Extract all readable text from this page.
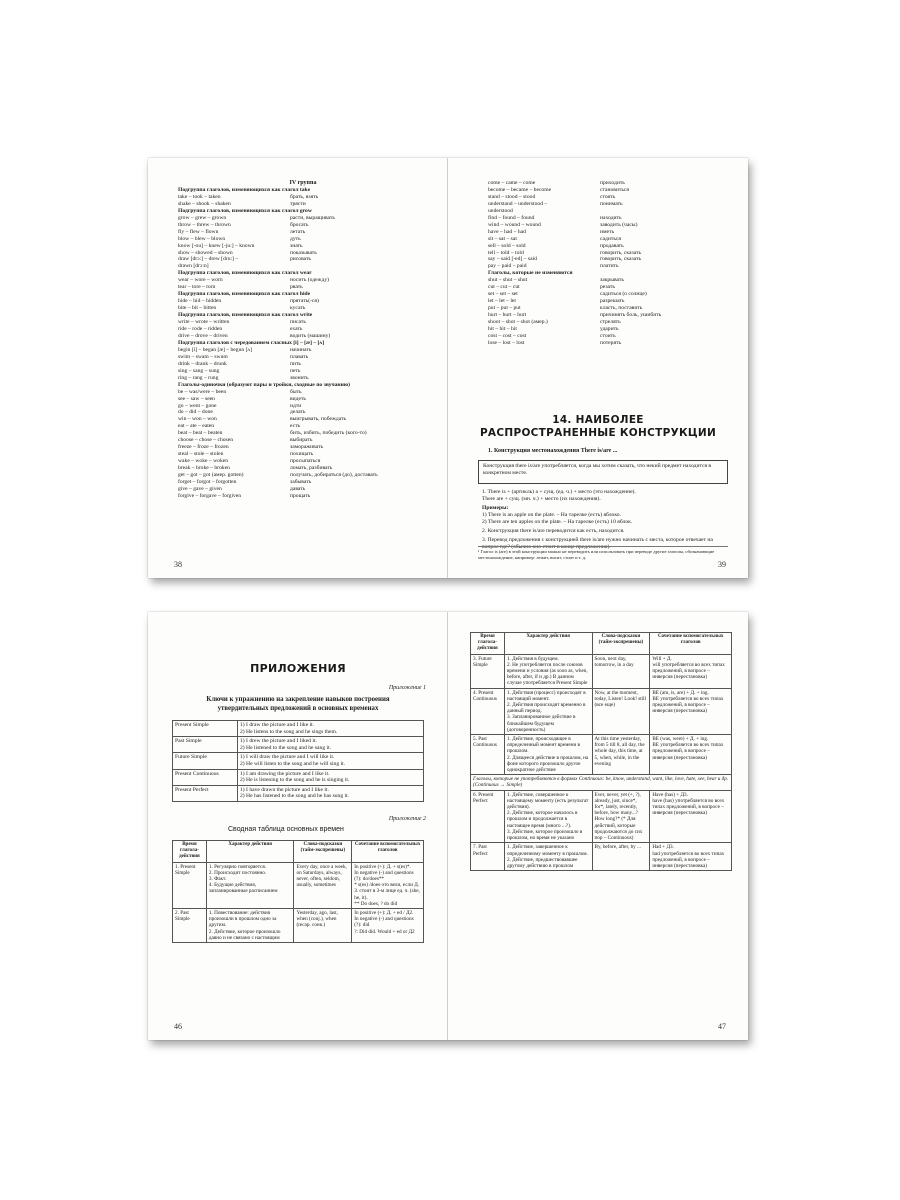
IV группа
Подгруппа глаголов, изменяющихся как глагол take
take – took – taken	брать, взять
shake – shook – shaken	трясти
Подгруппа глаголов, изменяющихся как глагол grow
grow – grew – grown	расти, выращивать
throw – threw – thrown	бросать
fly – flew – flown	летать
blow – blew – blown	дуть
know [-ou] – knew [-ju:] – known	знать
show – showed – shown	показывать
draw [drɔ:] – drew [dru:] –	рисовать
drawn [drɔ:n]
Подгруппа глаголов, изменяющихся как глагол wear
wear – wore – worn	носить (одежду)
tear – tore – torn	рвать
Подгруппа глаголов, изменяющихся как глагол hide
hide – hid – hidden	прятать(-ся)
bite – bit – bitten	кусать
Подгруппа глаголов, изменяющихся как глагол write
write – wrote – written	писать
ride – rode – ridden	ехать
drive – drove – driven	водить (машину)
Подгруппа глаголов с чередованием гласных [i] – [æ] – [ʌ]
begin [i] – began [æ] – begun [ʌ]	начинать
swim – swam – swum	плавать
drink – drank – drunk	пить
sing – sang – sung	петь
ring – rang – rung	звонить
Глаголы-одиночки (образуют пары и тройки, сходные по звучанию)
be – was/were – been	быть
see – saw – seen	видеть
go – went – gone	идти
do – did – done	делать
win – won – won	выигрывать, побеждать
eat – ate – eaten	есть
beat – beat – beaten	бить, избить, победить (кого-то)
choose – chose – chosen	выбирать
freeze – froze – frozen	замораживать
steal – stole – stolen	похищать
wake – woke – woken	просыпаться
break – broke – broken	ломать, разбивать
get – got – got (амер. gotten)	получать, добираться (до), доставать
forget – forgot – forgotten	забывать
give – gave – given	давать
forgive – forgave – forgiven	прощать
38
come – came – come	приходить
become – became – become	становиться
stand – stood – stood	стоять
understand – understood –	понимать
understood
find – found – found	находить
wind – wound – wound	заводить (часы)
have – had – had	иметь
sit – sat – sat	садиться
sell – sold – sold	продавать
tell – told – told	говорить, сказать
say – said [-ed] – said	говорить, сказать
pay – paid – paid	платить
Глаголы, которые не изменяются
shut – shut – shut	закрывать
cut – cut – cut	резать
set – set – set	садиться (о солнце)
let – let – let	разрешать
put – put – put	класть, поставить
hurt – hurt – hurt	причинять боль, ушибить
shoot – shot – shot (амер.)	стрелять
hit – hit – hit	ударить
cost – cost – cost	стоить
lose – lost – lost	потерять
14. НАИБОЛЕЕ
РАСПРОСТРАНЕННЫЕ КОНСТРУКЦИИ
1. Конструкция местонахождения There is/are ...
Конструкция there is/are употребляется, когда мы хотим сказать, что некий предмет находится в конкретном месте.
1. There is + (артикль) a + сущ. (ед. ч.) + место (это нахождение).
There are + сущ. (мн. ч.) + место (их нахождения).
Примеры:
1) There is an apple on the plate. – На тарелке (есть) яблоко.
2) There are ten apples on the plate. – На тарелке (есть) 10 яблок.
2. Конструкция there is/are переводится как есть, находится.
3. Перевод предложения с конструкцией there is/are нужно начинать с места, которое отвечает на вопрос где? (обычно оно стоит в конце предложения).
¹ Глагол is (are) в этой конструкции можно не переводить или использовать при переводе другие глаголы, обозначающие местонахождение, например: лежит, висит, стоит и т. д.
39
ПРИЛОЖЕНИЯ
Приложение 1
Ключи к упражнению на закрепление навыков построения утвердительных предложений в основных временах
Present Simple	1) I draw the picture and I like it.
2) He listens to the song and he sings them.

Past Simple	1) I drew the picture and I liked it.
2) He listened to the song and he sang it.

Future Simple	1) I will draw the picture and I will like it.
2) He will listen to the song and he will sing it.

Present Continuous	1) I am drawing the picture and I like it.
2) He is listening to the song and he is singing it.

Present Perfect	1) I have drawn the picture and I like it.
2) He has listened to the song and he has sung it.
Приложение 2
Сводная таблица основных времен
Время глагола-действия	Характер действия	Слова-подсказки (тайм-экспрешены)	Сочетание вспомогательных глаголов
1. Present Simple	1. Регулярно повторяется.
2. Происходит постоянно.
3. Факт.
4. Будущие действия, запланированные расписанием	Every day, once a week, on Saturdays, always, never, often, seldom, usually, sometimes	In positive (+): Д. + s(es)*.
In negative (-) and questions (?): do/does**
* s(es) /does-это вели, если Д. З. стоит в 3-м лице ед. ч. (she, he, it).
** Do does, ? do did
2. Past Simple	1. Повествование: действия произошли в прошлом одно за другим.
2. Действие, которое произошло давно и не связано с настоящим	Yesterday, ago, last, when (conj.), when (recap. сонк.)	In positive (+): Д. + ed / Д2.
In negative (-) and questions (?): did
?: Did did. Would + ed or Д2
46
Время глагола-действия	Характер действия	Слова-подсказки (тайм-экспрешены)	Сочетание вспомогательных глаголов
3. Future Simple	1. Действия в будущем.
2. Не употребляется после союзов времени и условия (as soon as, when, before, after, if и др.) В данном случае употребляется Present Simple	Soon, next day, tomorrow, in a day	Will + Д.
will употребляется во всех типах предложений, в вопросе – инверсия (перестановка)
4. Present Continuous	1. Действия (процесс) происходят в настоящий момент.
2. Действия происходят временно в данный период.
3. Запланированное действие в ближайшем будущем (договоренность)	Now, at the moment, today, Listen! Look! still (все еще)	BE (am, is, are) + Д. + ing.
BE употребляется во всех типах предложений, в вопросе – инверсия (перестановка)
5. Past Continuous	1. Действие, происходящее в определенный момент времени в прошлом.
2. Длящееся действие в прошлом, на фоне которого произошло другое однократное действие	At this time yesterday, from 5 till 8, all day, the whole day, this time, at 5, when, while, in the evening	BE (was, were) + Д. + ing.
BE употребляется во всех типах предложений, в вопросе – инверсия (перестановка)
Глаголы, которые не употребляются в формах Continuous: be, know, understand, want, like, love, hate, see, hear и др. (Continuous → Simple)			
6. Present Perfect	1. Действие, совершенное к настоящему моменту (есть результат действия).
2. Действие, которое началось в прошлом и продолжается в настоящее время (много ...?).
3. Действие, которое произошло в прошлом, но время не указано	Ever, never, yet (+, ?), already, just, since*, for*, lately, recently, before, how many...? How long?* (* Для действий, которые продолжаются до сих пор – Continuous)	Have (has) + Д3.
have (has) употребляется во всех типах предложений, в вопросе – инверсия (перестановка)
7. Past Perfect	1. Действие, завершенное к определенному моменту в прошлом.
2. Действие, предшествовавшее другому действию в прошлом	By, before, after, by ...	Had + Д3.
had употребляется во всех типах предложений, в вопросе – инверсия (перестановка)
47
